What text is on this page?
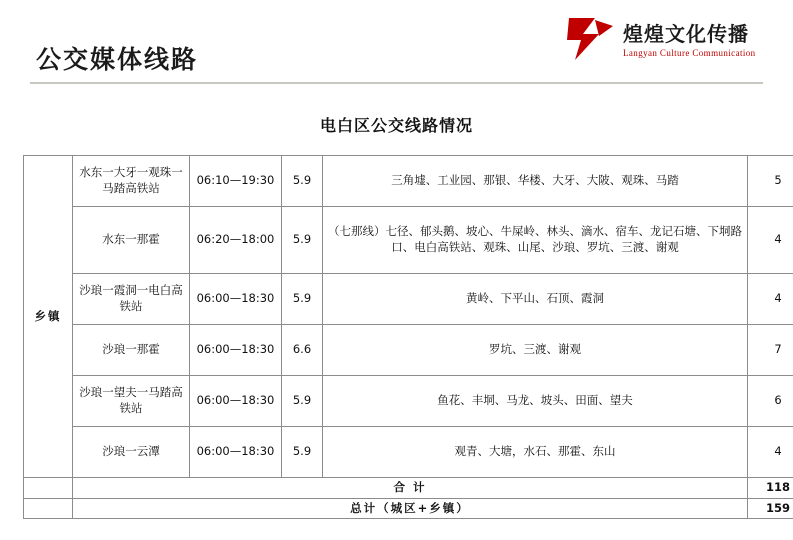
公交媒体线路
煌煌文化传播
Langyan Culture Communication
电白区公交线路情况
乡镇	水东一大牙一观珠一马踏高铁站	06:10—19:30	5.9	三角墟、工业园、那银、华楼、大牙、大陂、观珠、马踏	5
	水东一那霍	06:20—18:00	5.9	（七那线）七径、郁头鹅、坡心、牛屎岭、林头、滴水、宿车、龙记石塘、下垌路口、电白高铁站、观珠、山尾、沙琅、罗坑、三渡、谢观	4
	沙琅一霞洞一电白高铁站	06:00—18:30	5.9	黄岭、下平山、石顶、霞洞	4
	沙琅一那霍	06:00—18:30	6.6	罗坑、三渡、谢观	7
	沙琅一望夫一马踏高铁站	06:00—18:30	5.9	鱼花、丰垌、马龙、坡头、田面、望夫	6
	沙琅一云潭	06:00—18:30	5.9	观青、大塘，水石、那霍、东山	4
	合 计				118
	总计（城区+乡镇）				159
